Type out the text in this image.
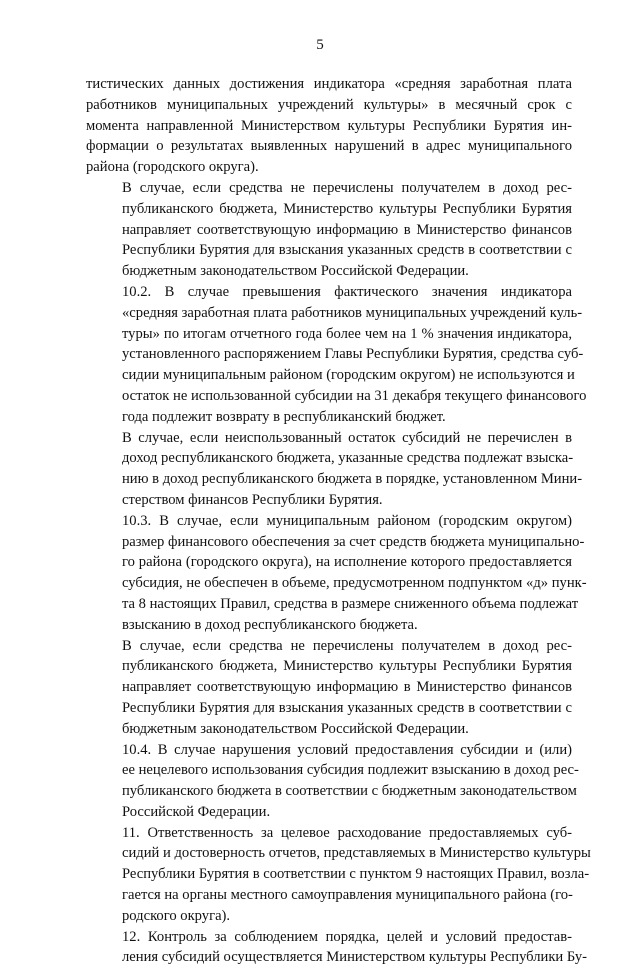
5

тистических данных достижения индикатора «средняя заработная плата
работников муниципальных учреждений культуры» в месячный срок с
момента направленной Министерством культуры Республики Бурятия ин-
формации о результатах выявленных нарушений в адрес муниципального
района (городского округа).

В случае, если средства не перечислены получателем в доход рес-
публиканского бюджета, Министерство культуры Республики Бурятия
направляет соответствующую информацию в Министерство финансов
Республики Бурятия для взыскания указанных средств в соответствии с
бюджетным законодательством Российской Федерации.

10.2. В случае превышения фактического значения индикатора
«средняя заработная плата работников муниципальных учреждений куль-
туры» по итогам отчетного года более чем на 1 % значения индикатора,
установленного распоряжением Главы Республики Бурятия, средства суб-
сидии муниципальным районом (городским округом) не используются и
остаток не использованной субсидии на 31 декабря текущего финансового
года подлежит возврату в республиканский бюджет.

В случае, если неиспользованный остаток субсидий не перечислен в
доход республиканского бюджета, указанные средства подлежат взыска-
нию в доход республиканского бюджета в порядке, установленном Мини-
стерством финансов Республики Бурятия.

10.3. В случае, если муниципальным районом (городским округом)
размер финансового обеспечения за счет средств бюджета муниципально-
го района (городского округа), на исполнение которого предоставляется
субсидия, не обеспечен в объеме, предусмотренном подпунктом «д» пунк-
та 8 настоящих Правил, средства в размере сниженного объема подлежат
взысканию в доход республиканского бюджета.

В случае, если средства не перечислены получателем в доход рес-
публиканского бюджета, Министерство культуры Республики Бурятия
направляет соответствующую информацию в Министерство финансов
Республики Бурятия для взыскания указанных средств в соответствии с
бюджетным законодательством Российской Федерации.

10.4. В случае нарушения условий предоставления субсидии и (или)
ее нецелевого использования субсидия подлежит взысканию в доход рес-
публиканского бюджета в соответствии с бюджетным законодательством
Российской Федерации.

11. Ответственность за целевое расходование предоставляемых суб-
сидий и достоверность отчетов, представляемых в Министерство культуры
Республики Бурятия в соответствии с пунктом 9 настоящих Правил, возла-
гается на органы местного самоуправления муниципального района (го-
родского округа).

12. Контроль за соблюдением порядка, целей и условий предостав-
ления субсидий осуществляется Министерством культуры Республики Бу-
